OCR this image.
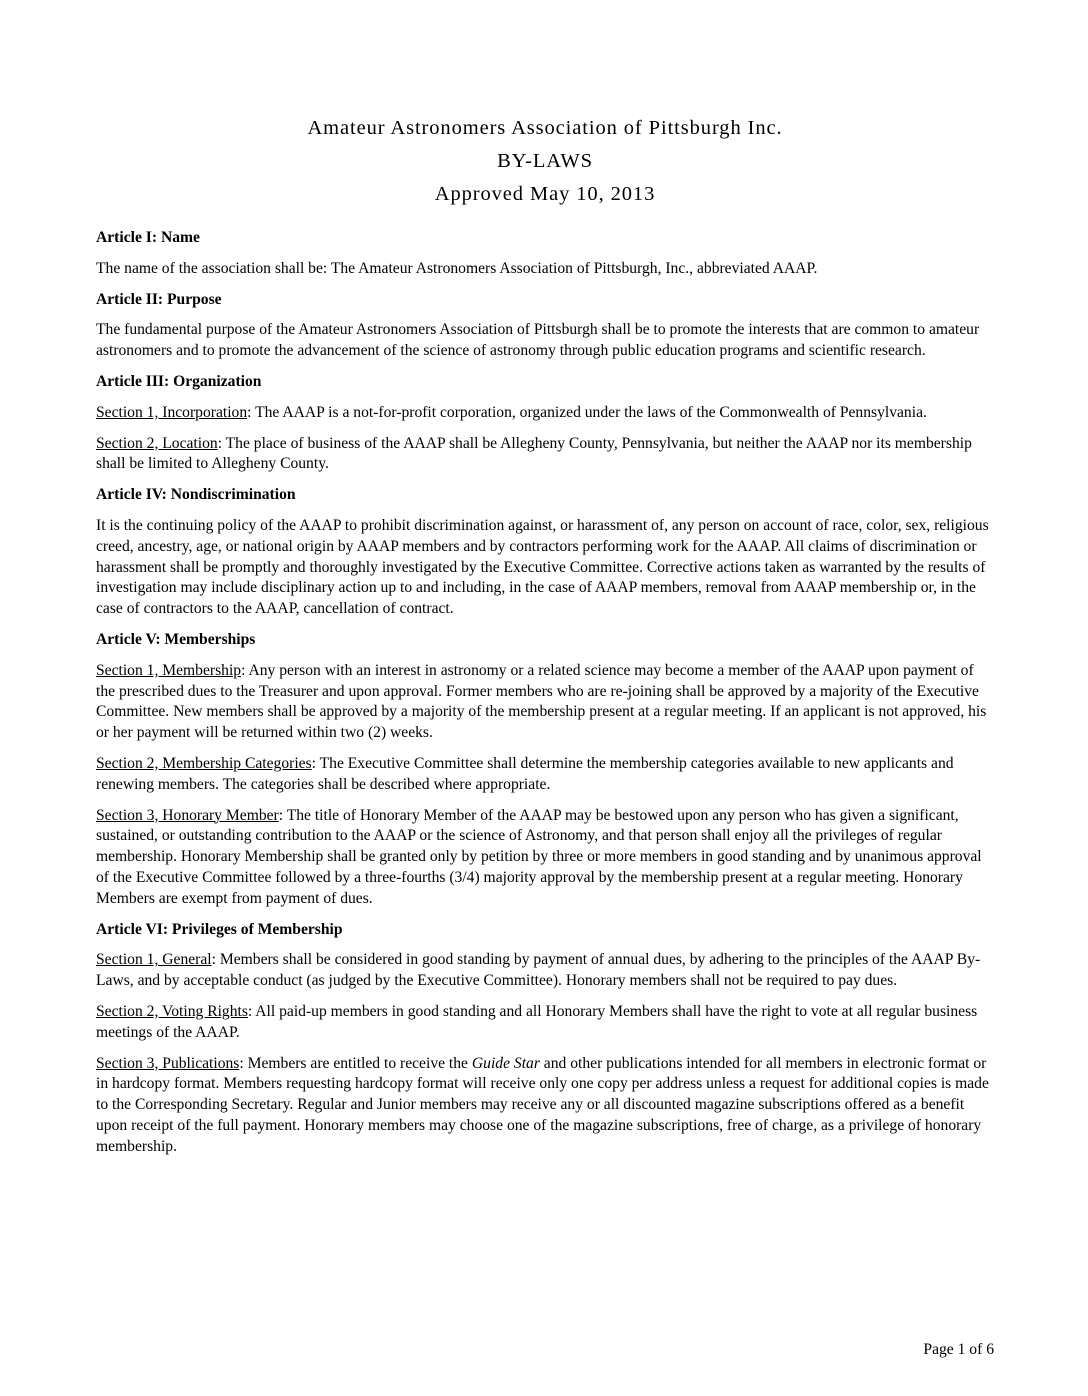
Amateur Astronomers Association of Pittsburgh Inc.
BY-LAWS
Approved May 10, 2013
Article I: Name

The name of the association shall be: The Amateur Astronomers Association of Pittsburgh, Inc., abbreviated AAAP.

Article II: Purpose

The fundamental purpose of the Amateur Astronomers Association of Pittsburgh shall be to promote the interests that are common to amateur astronomers and to promote the advancement of the science of astronomy through public education programs and scientific research.

Article III: Organization

Section 1, Incorporation: The AAAP is a not-for-profit corporation, organized under the laws of the Commonwealth of Pennsylvania.

Section 2, Location: The place of business of the AAAP shall be Allegheny County, Pennsylvania, but neither the AAAP nor its membership shall be limited to Allegheny County.

Article IV: Nondiscrimination

It is the continuing policy of the AAAP to prohibit discrimination against, or harassment of, any person on account of race, color, sex, religious creed, ancestry, age, or national origin by AAAP members and by contractors performing work for the AAAP. All claims of discrimination or harassment shall be promptly and thoroughly investigated by the Executive Committee. Corrective actions taken as warranted by the results of investigation may include disciplinary action up to and including, in the case of AAAP members, removal from AAAP membership or, in the case of contractors to the AAAP, cancellation of contract.

Article V: Memberships

Section 1, Membership: Any person with an interest in astronomy or a related science may become a member of the AAAP upon payment of the prescribed dues to the Treasurer and upon approval. Former members who are re-joining shall be approved by a majority of the Executive Committee. New members shall be approved by a majority of the membership present at a regular meeting. If an applicant is not approved, his or her payment will be returned within two (2) weeks.

Section 2, Membership Categories: The Executive Committee shall determine the membership categories available to new applicants and renewing members. The categories shall be described where appropriate.

Section 3, Honorary Member: The title of Honorary Member of the AAAP may be bestowed upon any person who has given a significant, sustained, or outstanding contribution to the AAAP or the science of Astronomy, and that person shall enjoy all the privileges of regular membership. Honorary Membership shall be granted only by petition by three or more members in good standing and by unanimous approval of the Executive Committee followed by a three-fourths (3/4) majority approval by the membership present at a regular meeting. Honorary Members are exempt from payment of dues.

Article VI: Privileges of Membership

Section 1, General: Members shall be considered in good standing by payment of annual dues, by adhering to the principles of the AAAP By-Laws, and by acceptable conduct (as judged by the Executive Committee). Honorary members shall not be required to pay dues.

Section 2, Voting Rights: All paid-up members in good standing and all Honorary Members shall have the right to vote at all regular business meetings of the AAAP.

Section 3, Publications: Members are entitled to receive the Guide Star and other publications intended for all members in electronic format or in hardcopy format. Members requesting hardcopy format will receive only one copy per address unless a request for additional copies is made to the Corresponding Secretary. Regular and Junior members may receive any or all discounted magazine subscriptions offered as a benefit upon receipt of the full payment. Honorary members may choose one of the magazine subscriptions, free of charge, as a privilege of honorary membership.

Page 1 of 6
